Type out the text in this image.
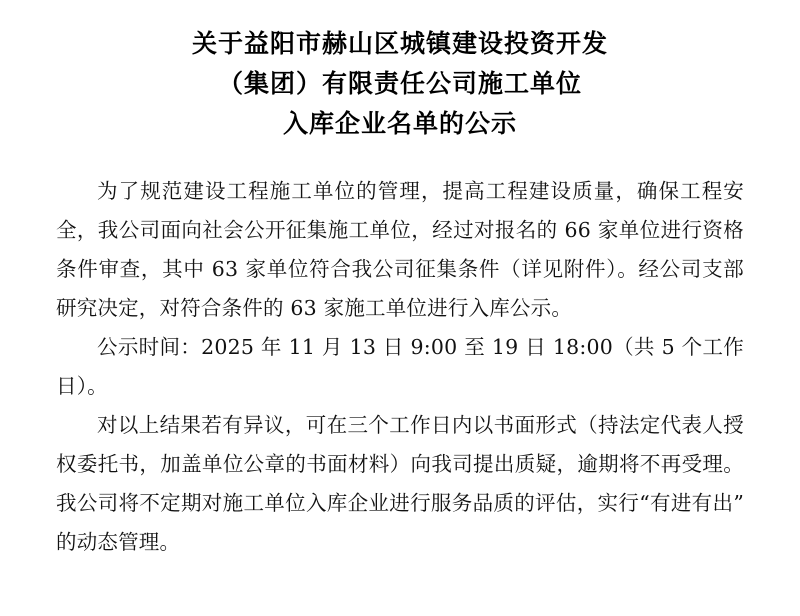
关于益阳市赫山区城镇建设投资开发
（集团）有限责任公司施工单位
入库企业名单的公示

为了规范建设工程施工单位的管理，提高工程建设质量，确保工程安全，我公司面向社会公开征集施工单位，经过对报名的 66 家单位进行资格条件审查，其中 63 家单位符合我公司征集条件（详见附件）。经公司支部研究决定，对符合条件的 63 家施工单位进行入库公示。

公示时间：2025 年 11 月 13 日 9:00 至 19 日 18:00（共 5 个工作日）。

对以上结果若有异议，可在三个工作日内以书面形式（持法定代表人授权委托书，加盖单位公章的书面材料）向我司提出质疑，逾期将不再受理。我公司将不定期对施工单位入库企业进行服务品质的评估，实行“有进有出”的动态管理。
